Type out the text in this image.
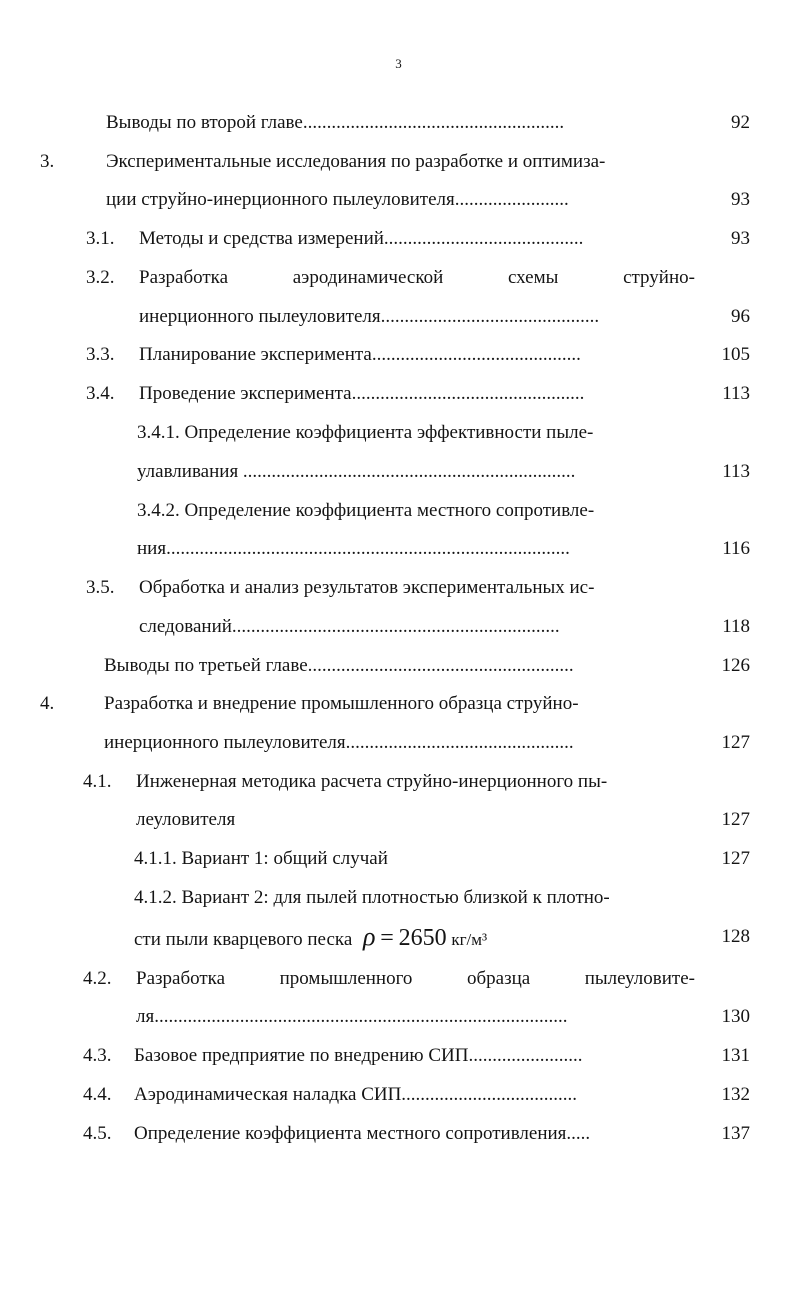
3
Выводы по второй главе.......................................................	92
3.	Экспериментальные исследования по разработке и оптимиза-
ции струйно-инерционного пылеуловителя........................	93
3.1. Методы и средства измерений..........................................	93
3.2. Разработка	аэродинамической	схемы	струйно-
инерционного пылеуловителя..............................................	96
3.3. Планирование эксперимента............................................	105
3.4. Проведение эксперимента.................................................	113
3.4.1. Определение коэффициента эффективности пыле-
улавливания ......................................................................	113
3.4.2. Определение коэффициента местного сопротивле-
ния.....................................................................................	116
3.5. Обработка и анализ результатов экспериментальных ис-
следований.....................................................................	118
Выводы по третьей главе........................................................	126
4.	Разработка и внедрение промышленного образца струйно-
инерционного пылеуловителя................................................	127
4.1. Инженерная методика расчета струйно-инерционного пы-
леуловителя	127
4.1.1. Вариант 1: общий случай	127
4.1.2. Вариант 2: для пылей плотностью близкой к плотно-
сти пыли кварцевого песка ρ = 2650 кг/м³	128
4.2. Разработка	промышленного	образца	пылеуловите-
ля.......................................................................................	130
4.3. Базовое предприятие по внедрению СИП........................	131
4.4. Аэродинамическая наладка СИП.....................................	132
4.5. Определение коэффициента местного сопротивления.....	137
